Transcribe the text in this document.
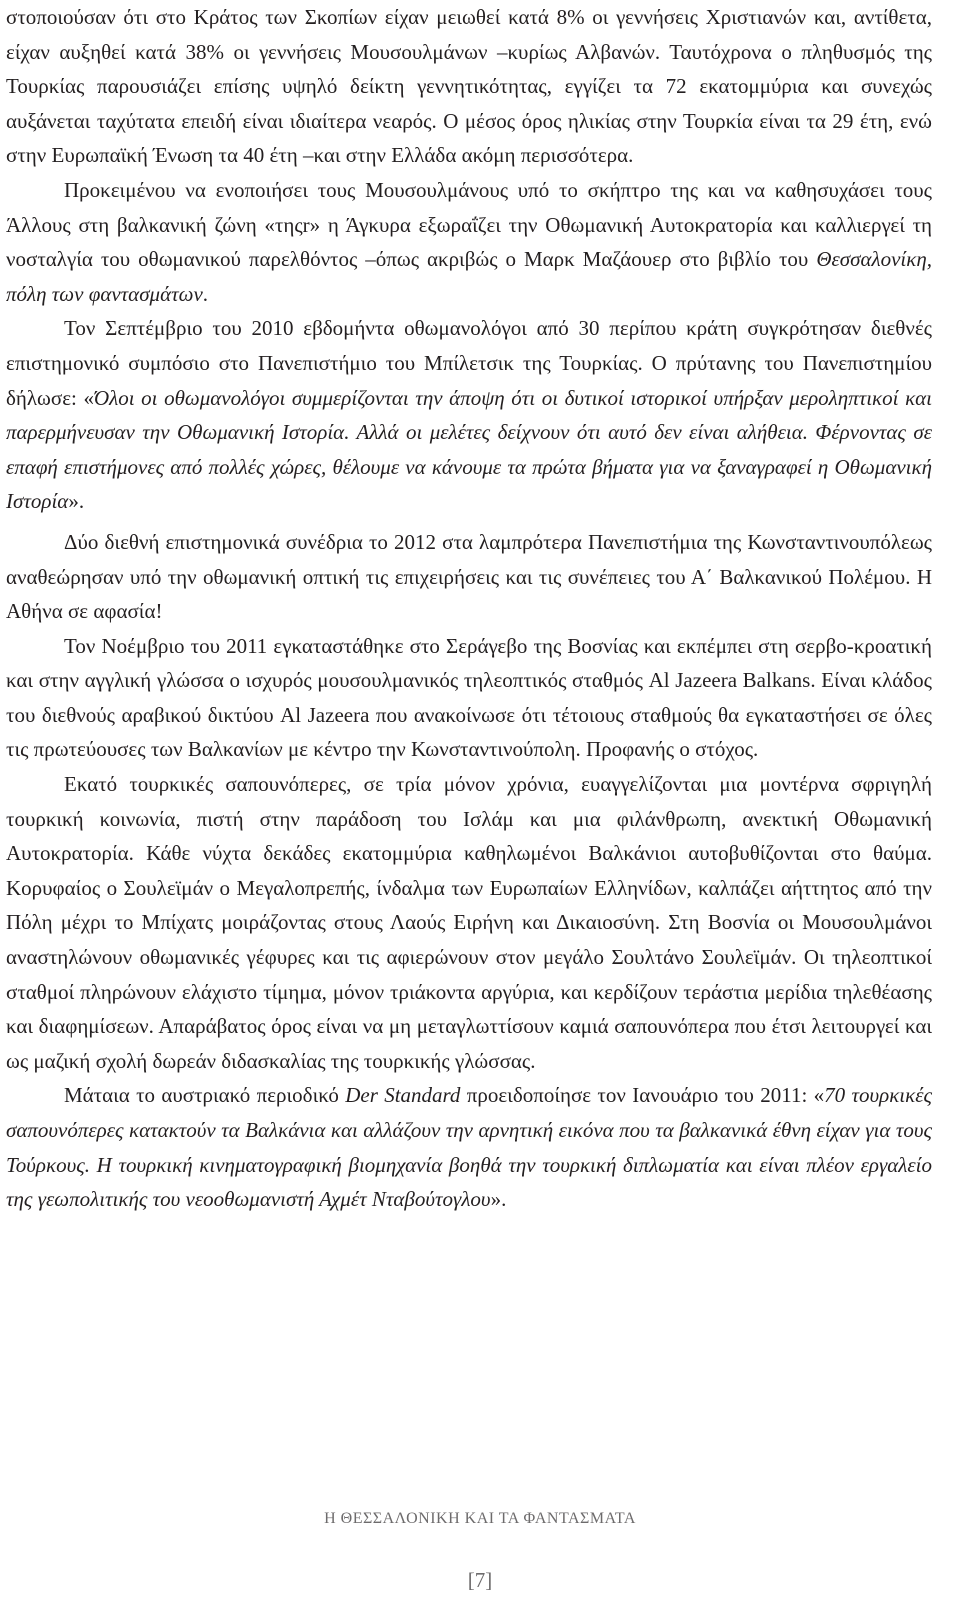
στοποιούσαν ότι στο Κράτος των Σκοπίων είχαν μειωθεί κατά 8% οι γεννήσεις Χριστιανών και, αντίθετα, είχαν αυξηθεί κατά 38% οι γεννήσεις Μουσουλμάνων –κυρίως Αλβανών. Ταυτόχρονα ο πληθυσμός της Τουρκίας παρουσιάζει επίσης υψηλό δείκτη γεννητικότητας, εγγίζει τα 72 εκατομμύρια και συνεχώς αυξάνεται ταχύτατα επειδή είναι ιδιαίτερα νεαρός. Ο μέσος όρος ηλικίας στην Τουρκία είναι τα 29 έτη, ενώ στην Ευρωπαϊκή Ένωση τα 40 έτη –και στην Ελλάδα ακόμη περισσότερα.

Προκειμένου να ενοποιήσει τους Μουσουλμάνους υπό το σκήπτρο της και να καθησυχάσει τους Άλλους στη βαλκανική ζώνη «τηςr» η Άγκυρα εξωραΐζει την Οθωμανική Αυτοκρατορία και καλλιεργεί τη νοσταλγία του οθωμανικού παρελθόντος –όπως ακριβώς ο Μαρκ Μαζάουερ στο βιβλίο του Θεσσαλονίκη, πόλη των φαντασμάτων.

Τον Σεπτέμβριο του 2010 εβδομήντα οθωμανολόγοι από 30 περίπου κράτη συγκρότησαν διεθνές επιστημονικό συμπόσιο στο Πανεπιστήμιο του Μπίλετσικ της Τουρκίας. Ο πρύτανης του Πανεπιστημίου δήλωσε: «Όλοι οι οθωμανολόγοι συμμερίζονται την άποψη ότι οι δυτικοί ιστορικοί υπήρξαν μεροληπτικοί και παρερμήνευσαν την Οθωμανική Ιστορία. Αλλά οι μελέτες δείχνουν ότι αυτό δεν είναι αλήθεια. Φέρνοντας σε επαφή επιστήμονες από πολλές χώρες, θέλουμε να κάνουμε τα πρώτα βήματα για να ξαναγραφεί η Οθωμανική Ιστορία».

Δύο διεθνή επιστημονικά συνέδρια το 2012 στα λαμπρότερα Πανεπιστήμια της Κωνσταντινουπόλεως αναθεώρησαν υπό την οθωμανική οπτική τις επιχειρήσεις και τις συνέπειες του Α΄ Βαλκανικού Πολέμου. Η Αθήνα σε αφασία!

Τον Νοέμβριο του 2011 εγκαταστάθηκε στο Σεράγεβο της Βοσνίας και εκπέμπει στη σερβο-κροατική και στην αγγλική γλώσσα ο ισχυρός μουσουλμανικός τηλεοπτικός σταθμός Al Jazeera Balkans. Είναι κλάδος του διεθνούς αραβικού δικτύου Al Jazeera που ανακοίνωσε ότι τέτοιους σταθμούς θα εγκαταστήσει σε όλες τις πρωτεύουσες των Βαλκανίων με κέντρο την Κωνσταντινούπολη. Προφανής ο στόχος.

Εκατό τουρκικές σαπουνόπερες, σε τρία μόνον χρόνια, ευαγγελίζονται μια μοντέρνα σφριγηλή τουρκική κοινωνία, πιστή στην παράδοση του Ισλάμ και μια φιλάνθρωπη, ανεκτική Οθωμανική Αυτοκρατορία. Κάθε νύχτα δεκάδες εκατομμύρια καθηλωμένοι Βαλκάνιοι αυτοβυθίζονται στο θαύμα. Κορυφαίος ο Σουλεϊμάν ο Μεγαλοπρεπής, ίνδαλμα των Ευρωπαίων Ελληνίδων, καλπάζει αήττητος από την Πόλη μέχρι το Μπίχατς μοιράζοντας στους Λαούς Ειρήνη και Δικαιοσύνη. Στη Βοσνία οι Μουσουλμάνοι αναστηλώνουν οθωμανικές γέφυρες και τις αφιερώνουν στον μεγάλο Σουλτάνο Σουλεϊμάν. Οι τηλεοπτικοί σταθμοί πληρώνουν ελάχιστο τίμημα, μόνον τριάκοντα αργύρια, και κερδίζουν τεράστια μερίδια τηλεθέασης και διαφημίσεων. Απαράβατος όρος είναι να μη μεταγλωττίσουν καμιά σαπουνόπερα που έτσι λειτουργεί και ως μαζική σχολή δωρεάν διδασκαλίας της τουρκικής γλώσσας.

Μάταια το αυστριακό περιοδικό Der Standard προειδοποίησε τον Ιανουάριο του 2011: «70 τουρκικές σαπουνόπερες κατακτούν τα Βαλκάνια και αλλάζουν την αρνητική εικόνα που τα βαλκανικά έθνη είχαν για τους Τούρκους. Η τουρκική κινηματογραφική βιομηχανία βοηθά την τουρκική διπλωματία και είναι πλέον εργαλείο της γεωπολιτικής του νεοοθωμανιστή Αχμέτ Νταβούτογλου».

Η ΘΕΣΣΑΛΟΝΙΚΗ ΚΑΙ ΤΑ ΦΑΝΤΑΣΜΑΤΑ

[7]
